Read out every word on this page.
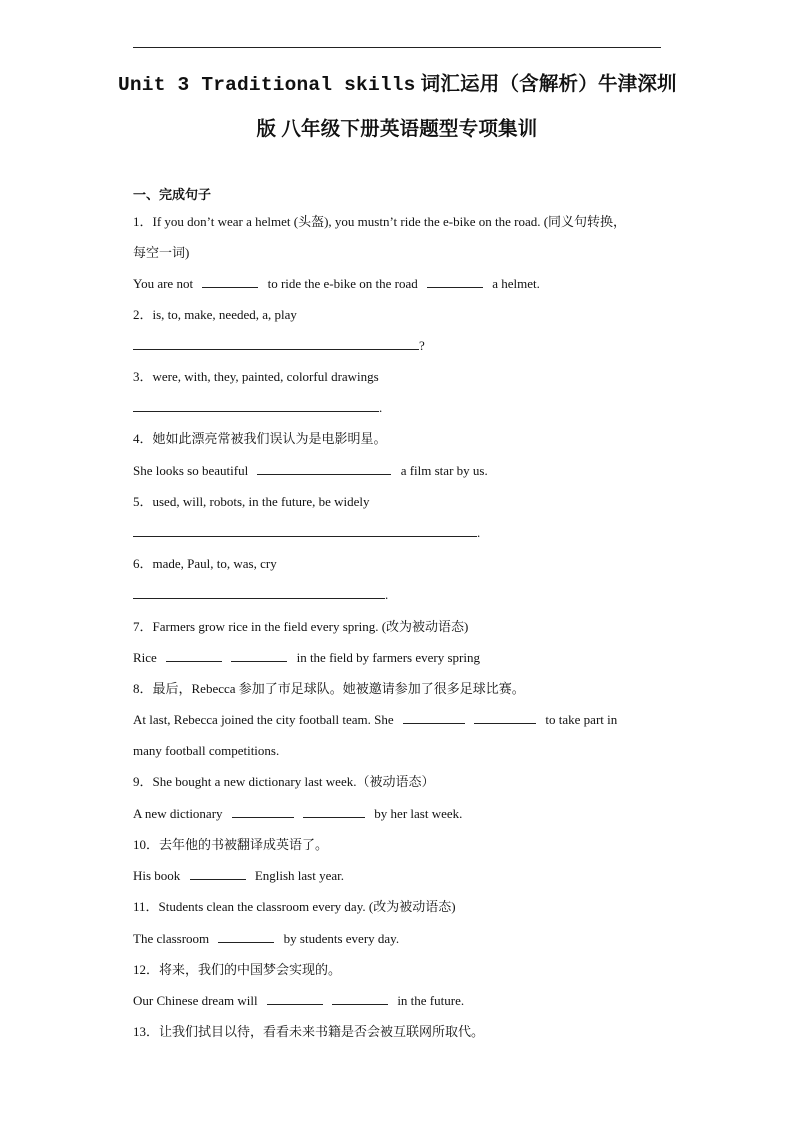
Unit 3 Traditional skills 词汇运用（含解析）牛津深圳
版 八年级下册英语题型专项集训
一、完成句子
1．If you don’t wear a helmet (头盔), you mustn’t ride the e-bike on the road. (同义句转换，
每空一词)
You are not	to ride the e-bike on the road	a helmet.
2．is, to, make, needed, a, play
?
3．were, with, they, painted, colorful drawings
.
4．她如此漂亮常被我们误认为是电影明星。
She looks so beautiful	a film star by us.
5．used, will, robots, in the future, be widely
.
6．made, Paul, to, was, cry
.
7．Farmers grow rice in the field every spring. (改为被动语态)
Rice	in the field by farmers every spring
8．最后，Rebecca 参加了市足球队。她被邀请参加了很多足球比赛。
At last, Rebecca joined the city football team. She	to take part in
many football competitions.
9．She bought a new dictionary last week.（被动语态）
A new dictionary	by her last week.
10．去年他的书被翻译成英语了。
His book	English last year.
11．Students clean the classroom every day. (改为被动语态)
The classroom	by students every day.
12．将来，我们的中国梦会实现的。
Our Chinese dream will	in the future.
13．让我们拭目以待，看看未来书籍是否会被互联网所取代。
